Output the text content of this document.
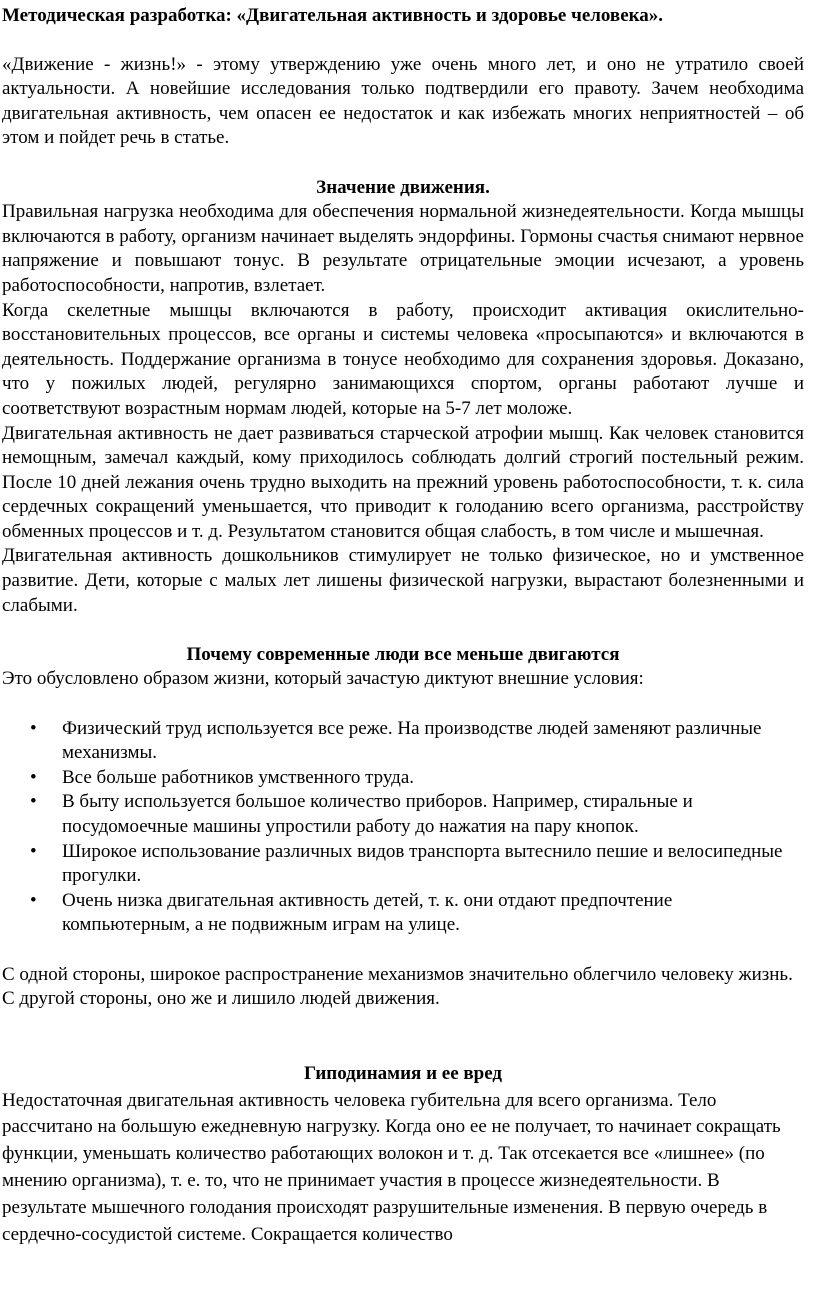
Методическая разработка: «Двигательная активность и здоровье человека».

«Движение - жизнь!» - этому утверждению уже очень много лет, и оно не утратило своей актуальности. А новейшие исследования только подтвердили его правоту. Зачем необходима двигательная активность, чем опасен ее недостаток и как избежать многих неприятностей – об этом и пойдет речь в статье.

Значение движения.

Правильная нагрузка необходима для обеспечения нормальной жизнедеятельности. Когда мышцы включаются в работу, организм начинает выделять эндорфины. Гормоны счастья снимают нервное напряжение и повышают тонус. В результате отрицательные эмоции исчезают, а уровень работоспособности, напротив, взлетает.

Когда скелетные мышцы включаются в работу, происходит активация окислительно-восстановительных процессов, все органы и системы человека «просыпаются» и включаются в деятельность. Поддержание организма в тонусе необходимо для сохранения здоровья. Доказано, что у пожилых людей, регулярно занимающихся спортом, органы работают лучше и соответствуют возрастным нормам людей, которые на 5-7 лет моложе.

Двигательная активность не дает развиваться старческой атрофии мышц. Как человек становится немощным, замечал каждый, кому приходилось соблюдать долгий строгий постельный режим. После 10 дней лежания очень трудно выходить на прежний уровень работоспособности, т. к. сила сердечных сокращений уменьшается, что приводит к голоданию всего организма, расстройству обменных процессов и т. д. Результатом становится общая слабость, в том числе и мышечная.

Двигательная активность дошкольников стимулирует не только физическое, но и умственное развитие. Дети, которые с малых лет лишены физической нагрузки, вырастают болезненными и слабыми.

Почему современные люди все меньше двигаются

Это обусловлено образом жизни, который зачастую диктуют внешние условия:

• Физический труд используется все реже. На производстве людей заменяют различные механизмы.
• Все больше работников умственного труда.
• В быту используется большое количество приборов. Например, стиральные и посудомоечные машины упростили работу до нажатия на пару кнопок.
• Широкое использование различных видов транспорта вытеснило пешие и велосипедные прогулки.
• Очень низка двигательная активность детей, т. к. они отдают предпочтение компьютерным, а не подвижным играм на улице.

С одной стороны, широкое распространение механизмов значительно облегчило человеку жизнь. С другой стороны, оно же и лишило людей движения.

Гиподинамия и ее вред

Недостаточная двигательная активность человека губительна для всего организма. Тело рассчитано на большую ежедневную нагрузку. Когда оно ее не получает, то начинает сокращать функции, уменьшать количество работающих волокон и т. д. Так отсекается все «лишнее» (по мнению организма), т. е. то, что не принимает участия в процессе жизнедеятельности. В результате мышечного голодания происходят разрушительные изменения. В первую очередь в сердечно-сосудистой системе. Сокращается количество
